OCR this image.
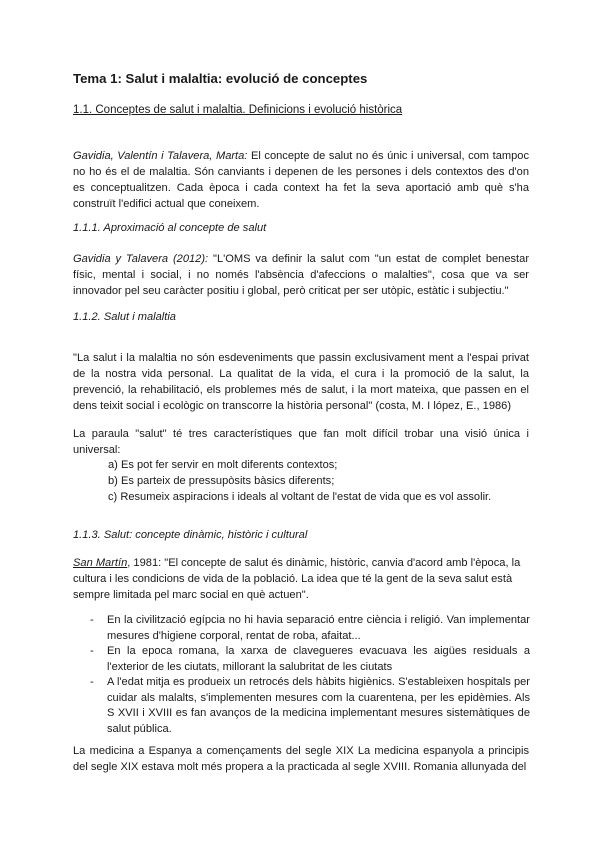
Tema 1: Salut i malaltia: evolució de conceptes

1.1. Conceptes de salut i malaltia. Definicions i evolució històrica

Gavidia, Valentín i Talavera, Marta: El concepte de salut no és únic i universal, com tampoc no ho és el de malaltia. Són canviants i depenen de les persones i dels contextos des d'on es conceptualitzen. Cada època i cada context ha fet la seva aportació amb què s'ha construït l'edifici actual que coneixem.

1.1.1. Aproximació al concepte de salut

Gavidia y Talavera (2012): "L'OMS va definir la salut com "un estat de complet benestar físic, mental i social, i no només l'absència d'afeccions o malalties", cosa que va ser innovador pel seu caràcter positiu i global, però criticat per ser utòpic, estàtic i subjectiu."

1.1.2. Salut i malaltia

"La salut i la malaltia no són esdeveniments que passin exclusivament ment a l'espai privat de la nostra vida personal. La qualitat de la vida, el cura i la promoció de la salut, la prevenció, la rehabilitació, els problemes més de salut, i la mort mateixa, que passen en el dens teixit social i ecològic on transcorre la història personal" (costa, M. I lópez, E., 1986)

La paraula "salut" té tres característiques que fan molt difícil trobar una visió única i universal:

a) Es pot fer servir en molt diferents contextos;
b) Es parteix de pressupòsits bàsics diferents;
c) Resumeix aspiracions i ideals al voltant de l'estat de vida que es vol assolir.

1.1.3. Salut: concepte dinàmic, històric i cultural

San Martín, 1981: "El concepte de salut és dinàmic, històric, canvia d'acord amb l'època, la cultura i les condicions de vida de la població. La idea que té la gent de la seva salut està sempre limitada pel marc social en què actuen".

- En la civilització egípcia no hi havia separació entre ciència i religió. Van implementar mesures d'higiene corporal, rentat de roba, afaitat...
- En la epoca romana, la xarxa de clavegueres evacuava les aigües residuals a l'exterior de les ciutats, millorant la salubritat de les ciutats
- A l'edat mitja es produeix un retrocés dels hàbits higiènics. S'estableixen hospitals per cuidar als malalts, s'implementen mesures com la cuarentena, per les epidèmies. Als S XVII i XVIII es fan avanços de la medicina implementant mesures sistemàtiques de salut pública.

La medicina a Espanya a començaments del segle XIX La medicina espanyola a principis del segle XIX estava molt més propera a la practicada al segle XVIII. Romania allunyada del
